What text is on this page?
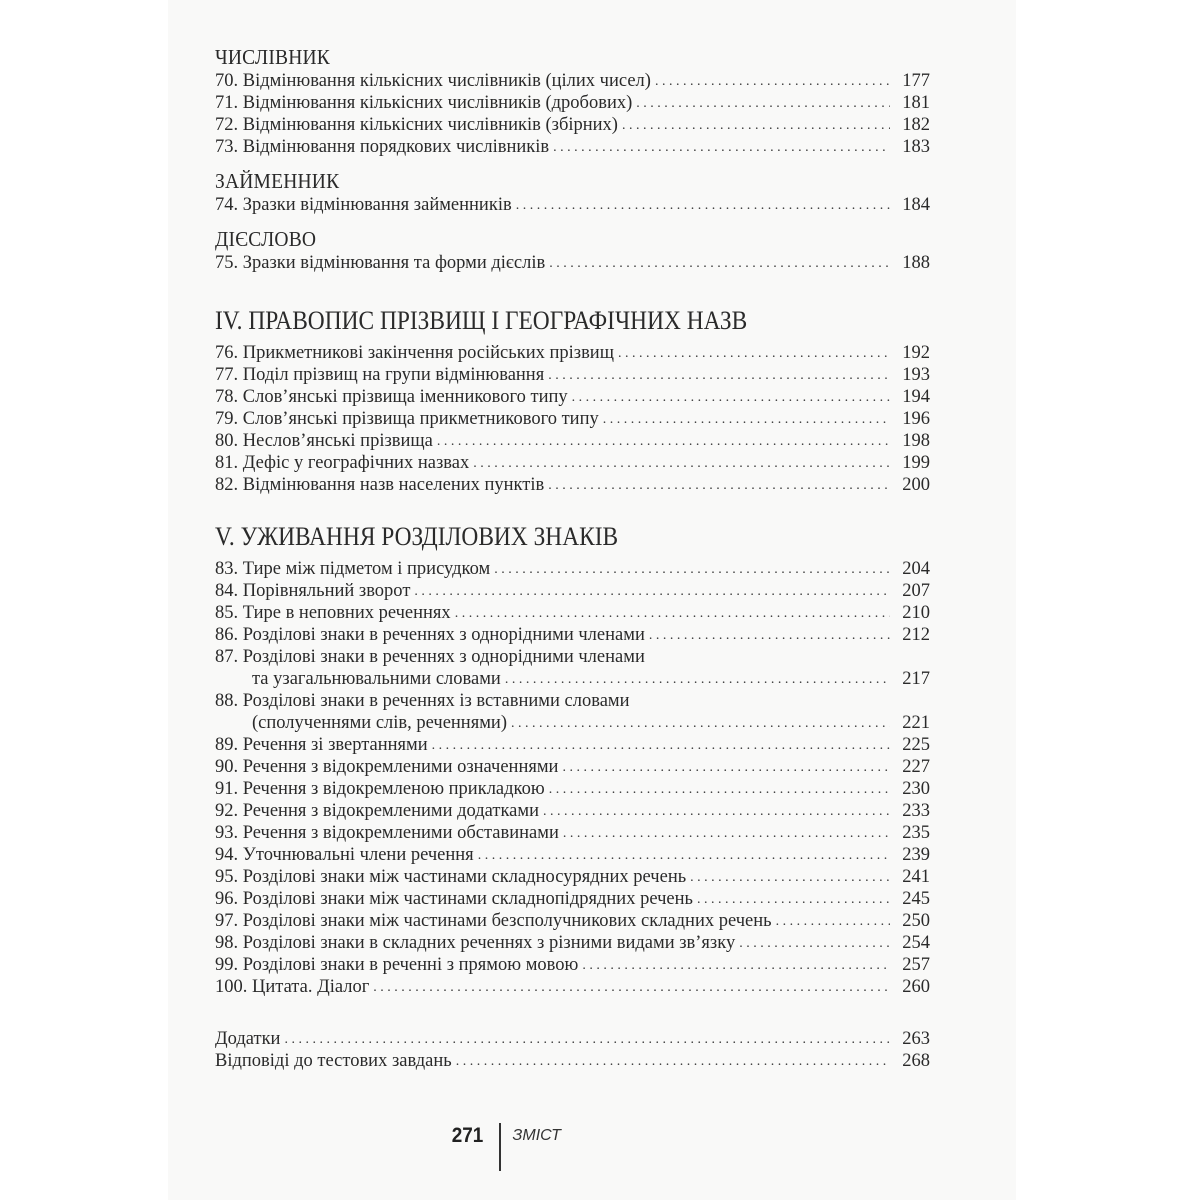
ЧИСЛІВНИК
70. Відмінювання кількісних числівників (цілих чисел) . . .	177
71. Відмінювання кількісних числівників (дробових) . . .	181
72. Відмінювання кількісних числівників (збірних) . . .	182
73. Відмінювання порядкових числівників . . .	183
ЗАЙМЕННИК
74. Зразки відмінювання займенників . . .	184
ДІЄСЛОВО
75. Зразки відмінювання та форми дієслів . . .	188
IV. ПРАВОПИС ПРІЗВИЩ І ГЕОГРАФІЧНИХ НАЗВ
76. Прикметникові закінчення російських прізвищ . . .	192
77. Поділ прізвищ на групи відмінювання . . .	193
78. Слов’янські прізвища іменникового типу . . .	194
79. Слов’янські прізвища прикметникового типу . . .	196
80. Неслов’янські прізвища . . .	198
81. Дефіс у географічних назвах . . .	199
82. Відмінювання назв населених пунктів . . .	200
V. УЖИВАННЯ РОЗДІЛОВИХ ЗНАКІВ
83. Тире між підметом і присудком . . .	204
84. Порівняльний зворот . . .	207
85. Тире в неповних реченнях . . .	210
86. Розділові знаки в реченнях з однорідними членами . . .	212
87. Розділові знаки в реченнях з однорідними членами
та узагальнювальними словами . . .	217
88. Розділові знаки в реченнях із вставними словами
(сполученнями слів, реченнями) . . .	221
89. Речення зі звертаннями . . .	225
90. Речення з відокремленими означеннями . . .	227
91. Речення з відокремленою прикладкою . . .	230
92. Речення з відокремленими додатками . . .	233
93. Речення з відокремленими обставинами . . .	235
94. Уточнювальні члени речення . . .	239
95. Розділові знаки між частинами складносурядних речень . . .	241
96. Розділові знаки між частинами складнопідрядних речень . . .	245
97. Розділові знаки між частинами безсполучникових складних речень . . .	250
98. Розділові знаки в складних реченнях з різними видами зв’язку . . .	254
99. Розділові знаки в реченні з прямою мовою . . .	257
100. Цитата. Діалог . . .	260
Додатки . . .	263
Відповіді до тестових завдань . . .	268
271 ЗМІСТ
